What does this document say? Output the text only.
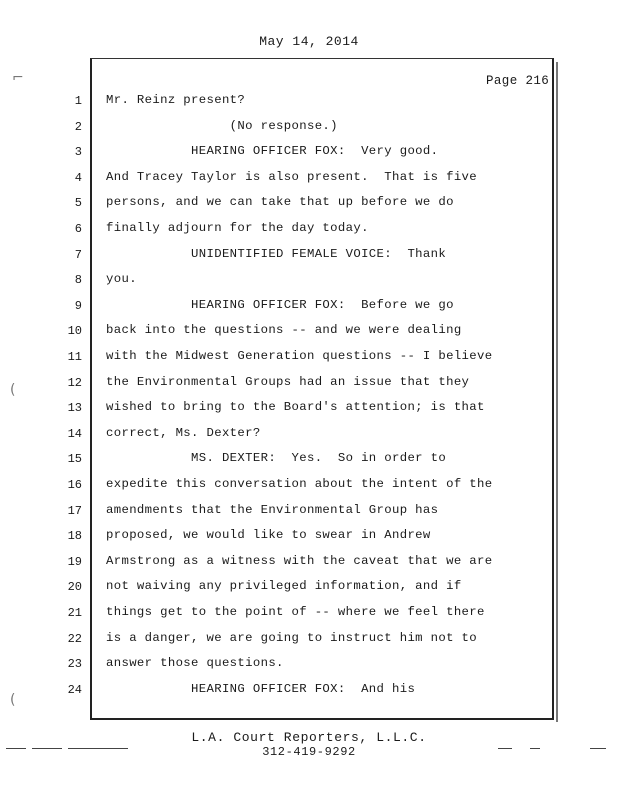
May 14, 2014
Page 216
1 Mr. Reinz present?
2 (No response.)
3 HEARING OFFICER FOX:  Very good.
4 And Tracey Taylor is also present.  That is five
5 persons, and we can take that up before we do
6 finally adjourn for the day today.
7 UNIDENTIFIED FEMALE VOICE:  Thank
8 you.
9 HEARING OFFICER FOX:  Before we go
10 back into the questions -- and we were dealing
11 with the Midwest Generation questions -- I believe
12 the Environmental Groups had an issue that they
13 wished to bring to the Board's attention; is that
14 correct, Ms. Dexter?
15 MS. DEXTER:  Yes.  So in order to
16 expedite this conversation about the intent of the
17 amendments that the Environmental Group has
18 proposed, we would like to swear in Andrew
19 Armstrong as a witness with the caveat that we are
20 not waiving any privileged information, and if
21 things get to the point of -- where we feel there
22 is a danger, we are going to instruct him not to
23 answer those questions.
24 HEARING OFFICER FOX:  And his
L.A. Court Reporters, L.L.C.
312-419-9292
⌐
(
(
